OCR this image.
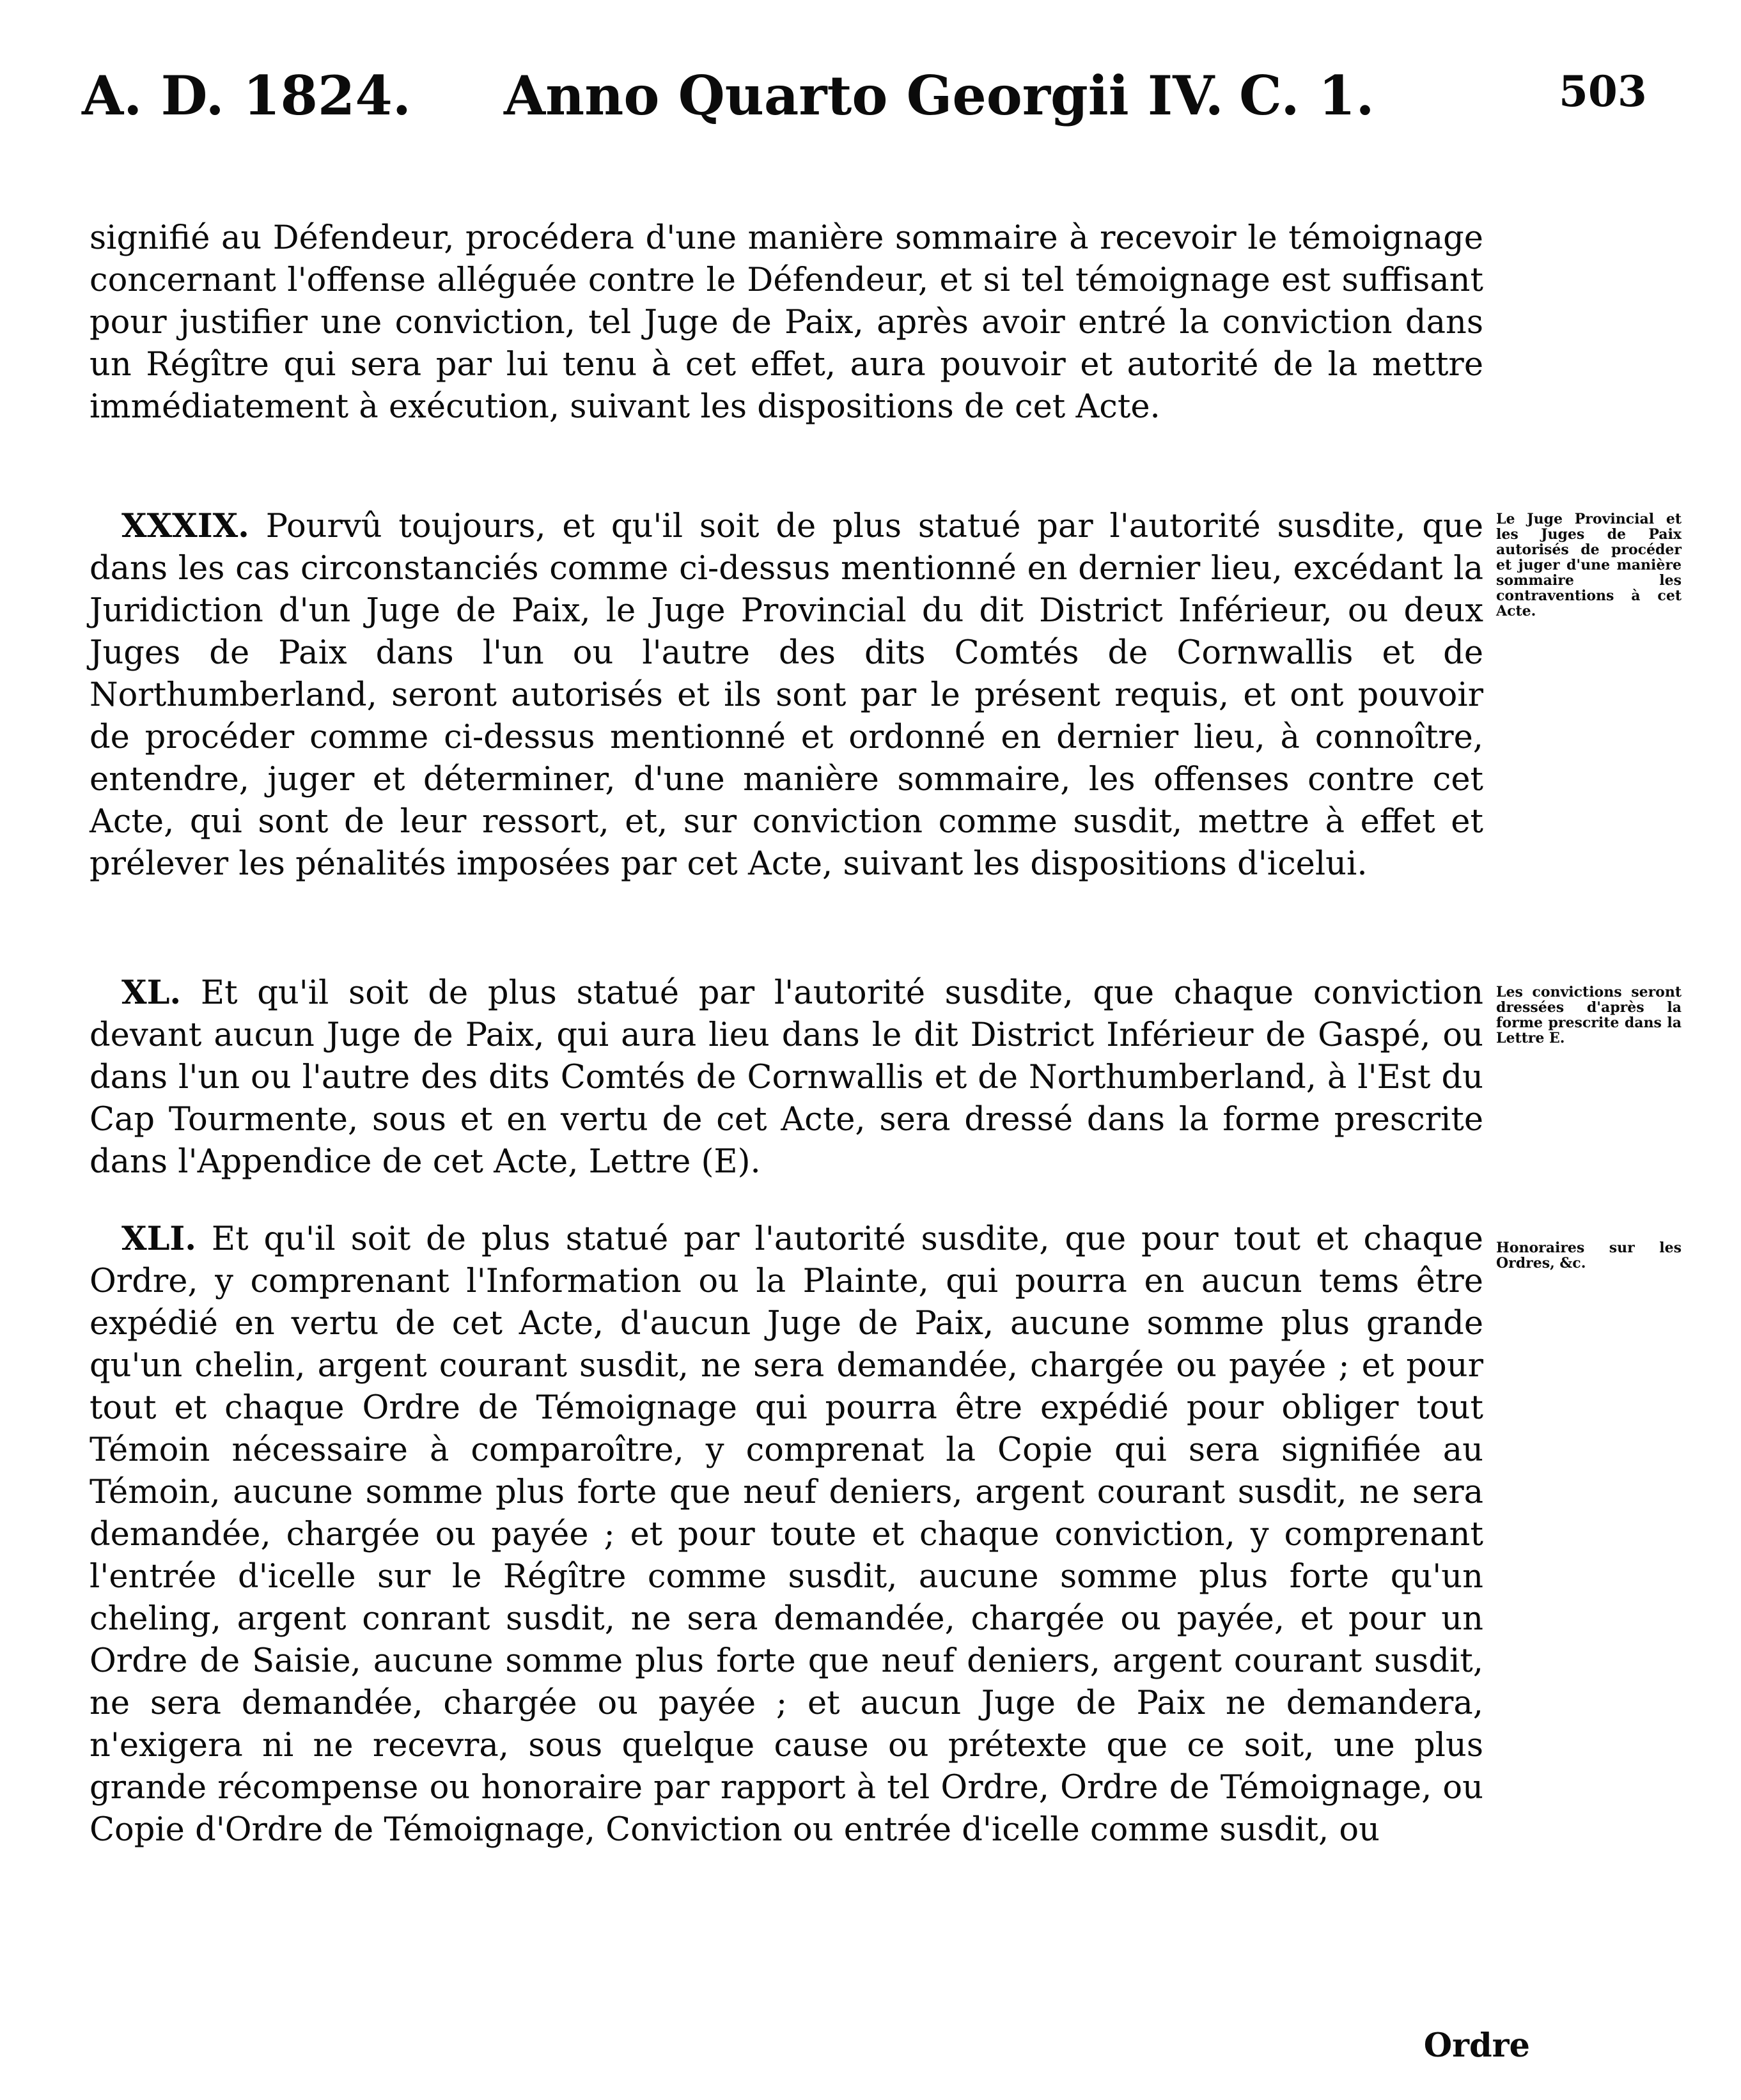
A. D. 1824. Anno Quarto Georgii IV. C. 1.	503

signifié au Défendeur, procédera d'une manière sommaire à recevoir le témoignage concernant l'offense alléguée contre le Défendeur, et si tel témoignage est suffisant pour justifier une conviction, tel Juge de Paix, après avoir entré la conviction dans un Régître qui sera par lui tenu à cet effet, aura pouvoir et autorité de la mettre immédiatement à exécution, suivant les dispositions de cet Acte.

XXXIX. Pourvû toujours, et qu'il soit de plus statué par l'autorité susdite, que dans les cas circonstanciés comme ci-dessus mentionné en dernier lieu, excédant la Juridiction d'un Juge de Paix, le Juge Provincial du dit District Inférieur, ou deux Juges de Paix dans l'un ou l'autre des dits Comtés de Cornwallis et de Northumberland, seront autorisés et ils sont par le présent requis, et ont pouvoir de procéder comme ci-dessus mentionné et ordonné en dernier lieu, à connoître, entendre, juger et déterminer, d'une manière sommaire, les offenses contre cet Acte, qui sont de leur ressort, et, sur conviction comme susdit, mettre à effet et prélever les pénalités imposées par cet Acte, suivant les dispositions d'icelui.

Le Juge Provincial et les Juges de Paix autorisés de procéder et juger d'une manière sommaire les contraventions à cet Acte.

XL. Et qu'il soit de plus statué par l'autorité susdite, que chaque conviction devant aucun Juge de Paix, qui aura lieu dans le dit District Inférieur de Gaspé, ou dans l'un ou l'autre des dits Comtés de Cornwallis et de Northumberland, à l'Est du Cap Tourmente, sous et en vertu de cet Acte, sera dressé dans la forme prescrite dans l'Appendice de cet Acte, Lettre (E).

Les convictions seront dressées d'après la forme prescrite dans la Lettre E.

XLI. Et qu'il soit de plus statué par l'autorité susdite, que pour tout et chaque Ordre, y comprenant l'Information ou la Plainte, qui pourra en aucun tems être expédié en vertu de cet Acte, d'aucun Juge de Paix, aucune somme plus grande qu'un chelin, argent courant susdit, ne sera demandée, chargée ou payée ; et pour tout et chaque Ordre de Témoignage qui pourra être expédié pour obliger tout Témoin nécessaire à comparoître, y comprenat la Copie qui sera signifiée au Témoin, aucune somme plus forte que neuf deniers, argent courant susdit, ne sera demandée, chargée ou payée ; et pour toute et chaque conviction, y comprenant l'entrée d'icelle sur le Régître comme susdit, aucune somme plus forte qu'un cheling, argent conrant susdit, ne sera demandée, chargée ou payée, et pour un Ordre de Saisie, aucune somme plus forte que neuf deniers, argent courant susdit, ne sera demandée, chargée ou payée ; et aucun Juge de Paix ne demandera, n'exigera ni ne recevra, sous quelque cause ou prétexte que ce soit, une plus grande récompense ou honoraire par rapport à tel Ordre, Ordre de Témoignage, ou Copie d'Ordre de Témoignage, Conviction ou entrée d'icelle comme susdit, ou

Honoraires sur les Ordres, &c.
Ordre
